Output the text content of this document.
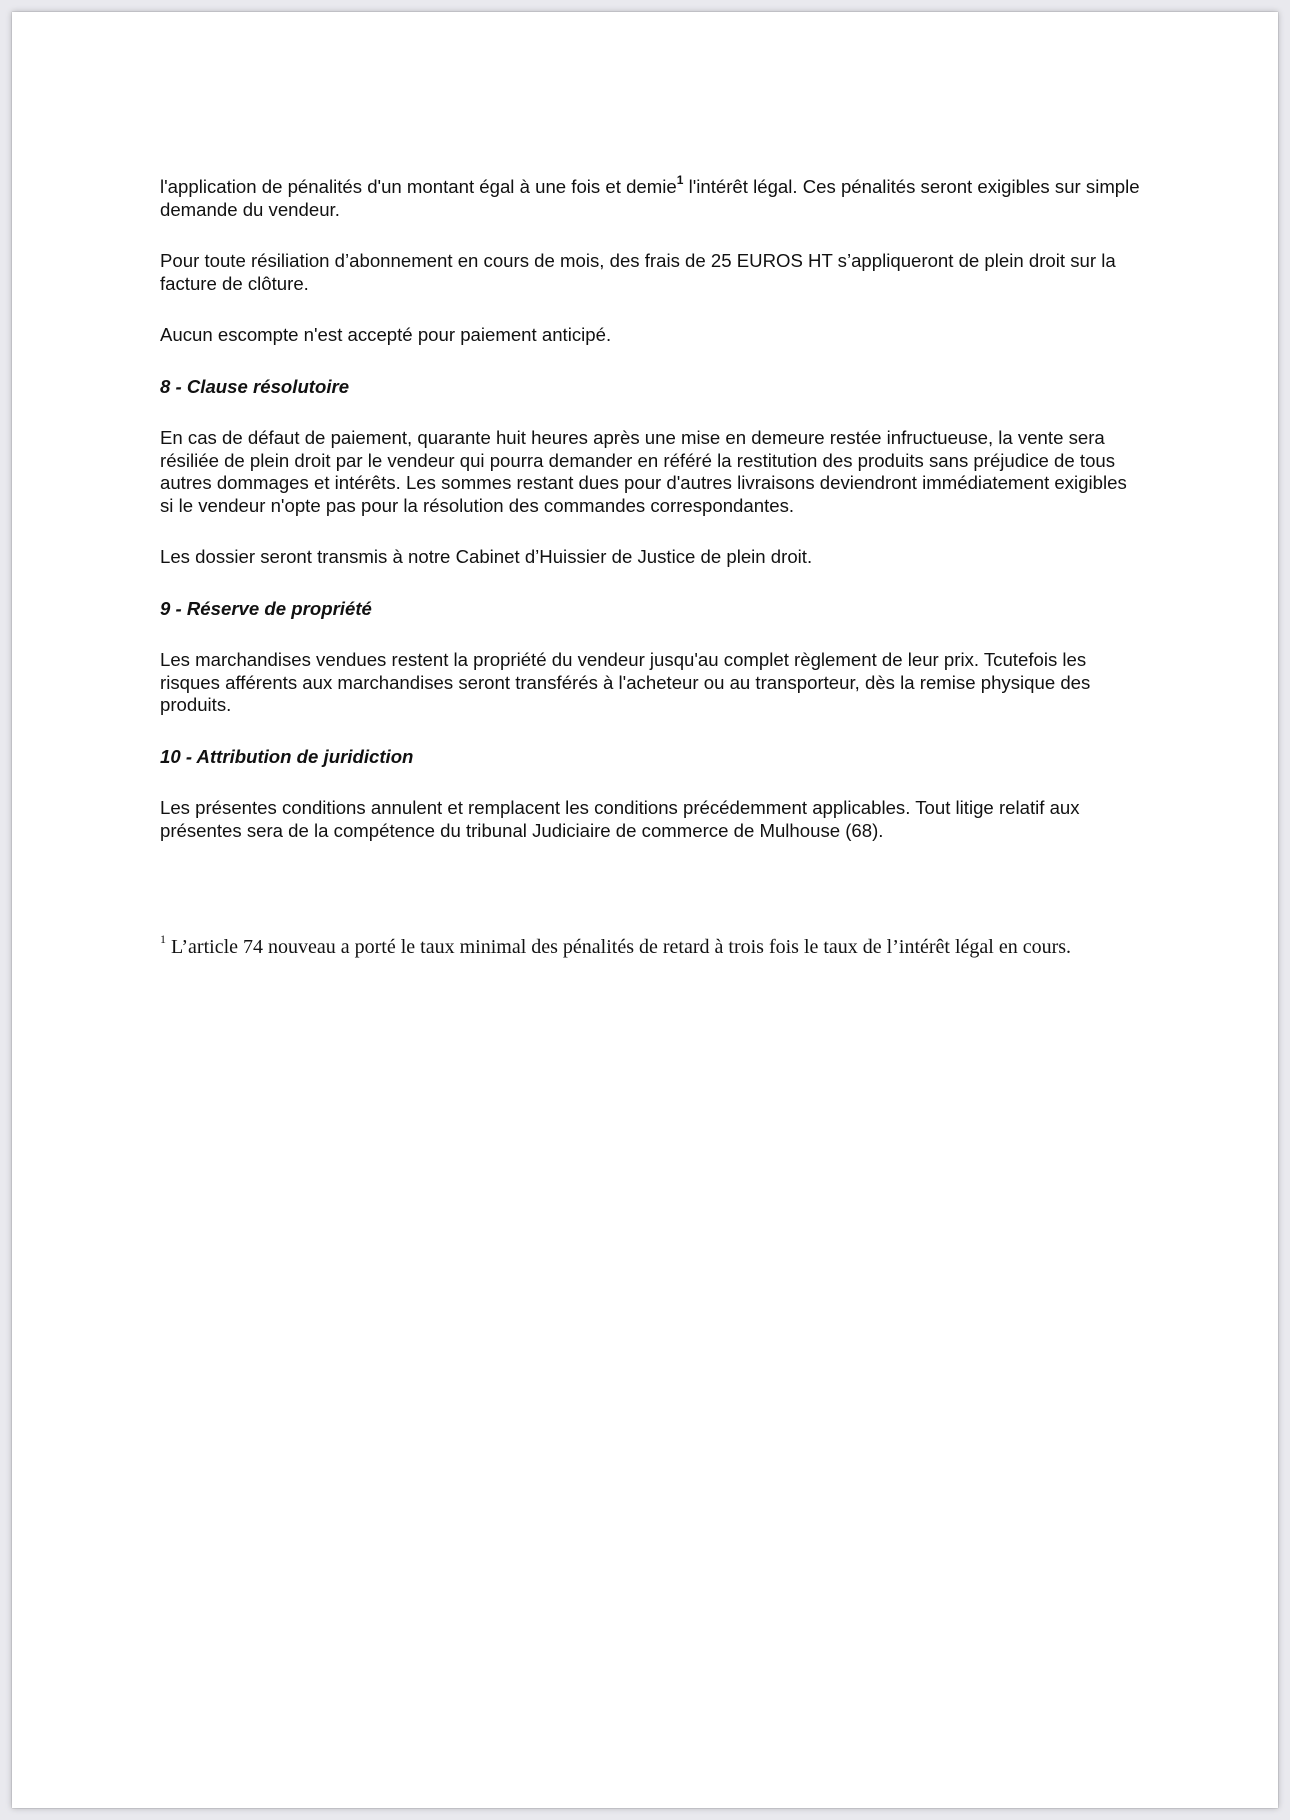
l'application de pénalités d'un montant égal à une fois et demie$^1$ l'intérêt légal. Ces pénalités seront exigibles sur simple demande du vendeur.

Pour toute résiliation d’abonnement en cours de mois, des frais de 25 EUROS HT s’appliqueront de plein droit sur la facture de clôture.

Aucun escompte n'est accepté pour paiement anticipé.

8 - Clause résolutoire

En cas de défaut de paiement, quarante huit heures après une mise en demeure restée infructueuse, la vente sera résiliée de plein droit par le vendeur qui pourra demander en référé la restitution des produits sans préjudice de tous autres dommages et intérêts. Les sommes restant dues pour d'autres livraisons deviendront immédiatement exigibles si le vendeur n'opte pas pour la résolution des commandes correspondantes.

Les dossier seront transmis à notre Cabinet d’Huissier de Justice de plein droit.

9 - Réserve de propriété

Les marchandises vendues restent la propriété du vendeur jusqu'au complet règlement de leur prix. Tcutefois les risques afférents aux marchandises seront transférés à l'acheteur ou au transporteur, dès la remise physique des produits.

10 - Attribution de juridiction

Les présentes conditions annulent et remplacent les conditions précédemment applicables. Tout litige relatif aux présentes sera de la compétence du tribunal Judiciaire de commerce de Mulhouse (68).

$^1$ L’article 74 nouveau a porté le taux minimal des pénalités de retard à trois fois le taux de l’intérêt légal en cours.
